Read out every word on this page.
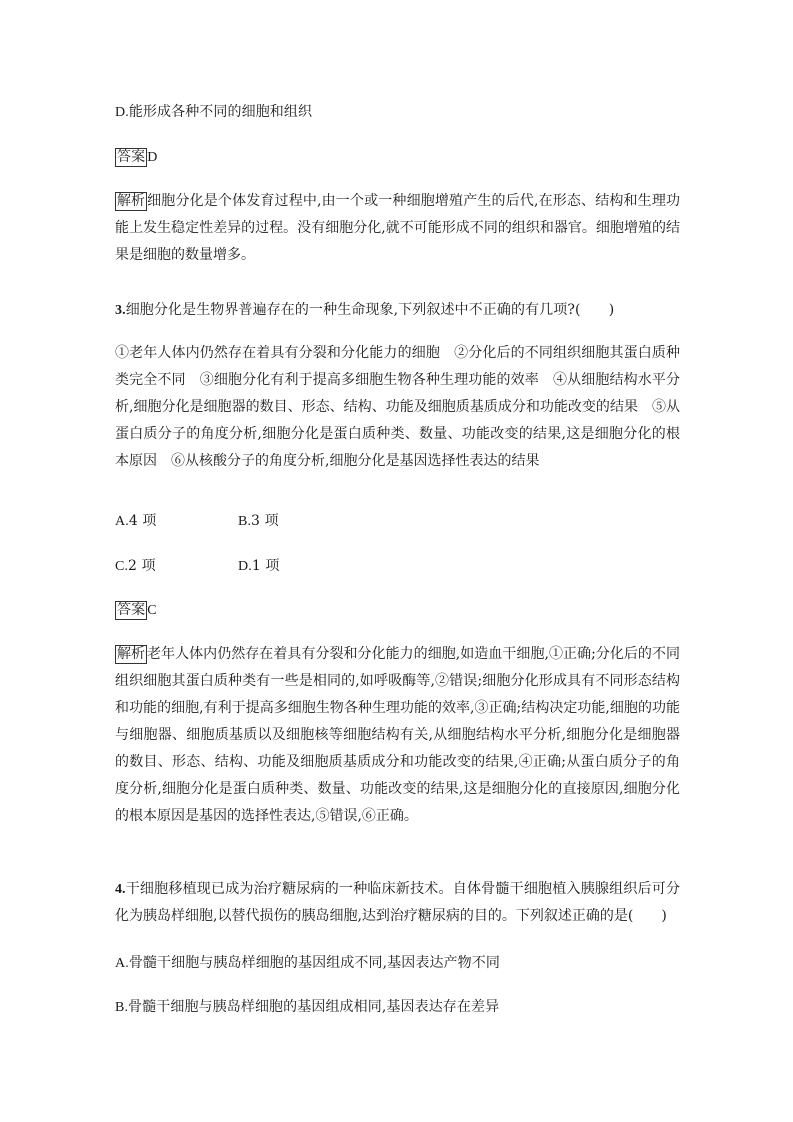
D.能形成各种不同的细胞和组织
答案 D
解析 细胞分化是个体发育过程中,由一个或一种细胞增殖产生的后代,在形态、结构和生理功能上发生稳定性差异的过程。没有细胞分化,就不可能形成不同的组织和器官。细胞增殖的结果是细胞的数量增多。
3.细胞分化是生物界普遍存在的一种生命现象,下列叙述中不正确的有几项?(　　)
①老年人体内仍然存在着具有分裂和分化能力的细胞　②分化后的不同组织细胞其蛋白质种类完全不同　③细胞分化有利于提高多细胞生物各种生理功能的效率　④从细胞结构水平分析,细胞分化是细胞器的数目、形态、结构、功能及细胞质基质成分和功能改变的结果　⑤从蛋白质分子的角度分析,细胞分化是蛋白质种类、数量、功能改变的结果,这是细胞分化的根本原因　⑥从核酸分子的角度分析,细胞分化是基因选择性表达的结果
A.4 项	B.3 项
C.2 项	D.1 项
答案 C
解析 老年人体内仍然存在着具有分裂和分化能力的细胞,如造血干细胞,①正确;分化后的不同组织细胞其蛋白质种类有一些是相同的,如呼吸酶等,②错误;细胞分化形成具有不同形态结构和功能的细胞,有利于提高多细胞生物各种生理功能的效率,③正确;结构决定功能,细胞的功能与细胞器、细胞质基质以及细胞核等细胞结构有关,从细胞结构水平分析,细胞分化是细胞器的数目、形态、结构、功能及细胞质基质成分和功能改变的结果,④正确;从蛋白质分子的角度分析,细胞分化是蛋白质种类、数量、功能改变的结果,这是细胞分化的直接原因,细胞分化的根本原因是基因的选择性表达,⑤错误,⑥正确。
4.干细胞移植现已成为治疗糖尿病的一种临床新技术。自体骨髓干细胞植入胰腺组织后可分化为胰岛样细胞,以替代损伤的胰岛细胞,达到治疗糖尿病的目的。下列叙述正确的是(　　)
A.骨髓干细胞与胰岛样细胞的基因组成不同,基因表达产物不同
B.骨髓干细胞与胰岛样细胞的基因组成相同,基因表达存在差异
